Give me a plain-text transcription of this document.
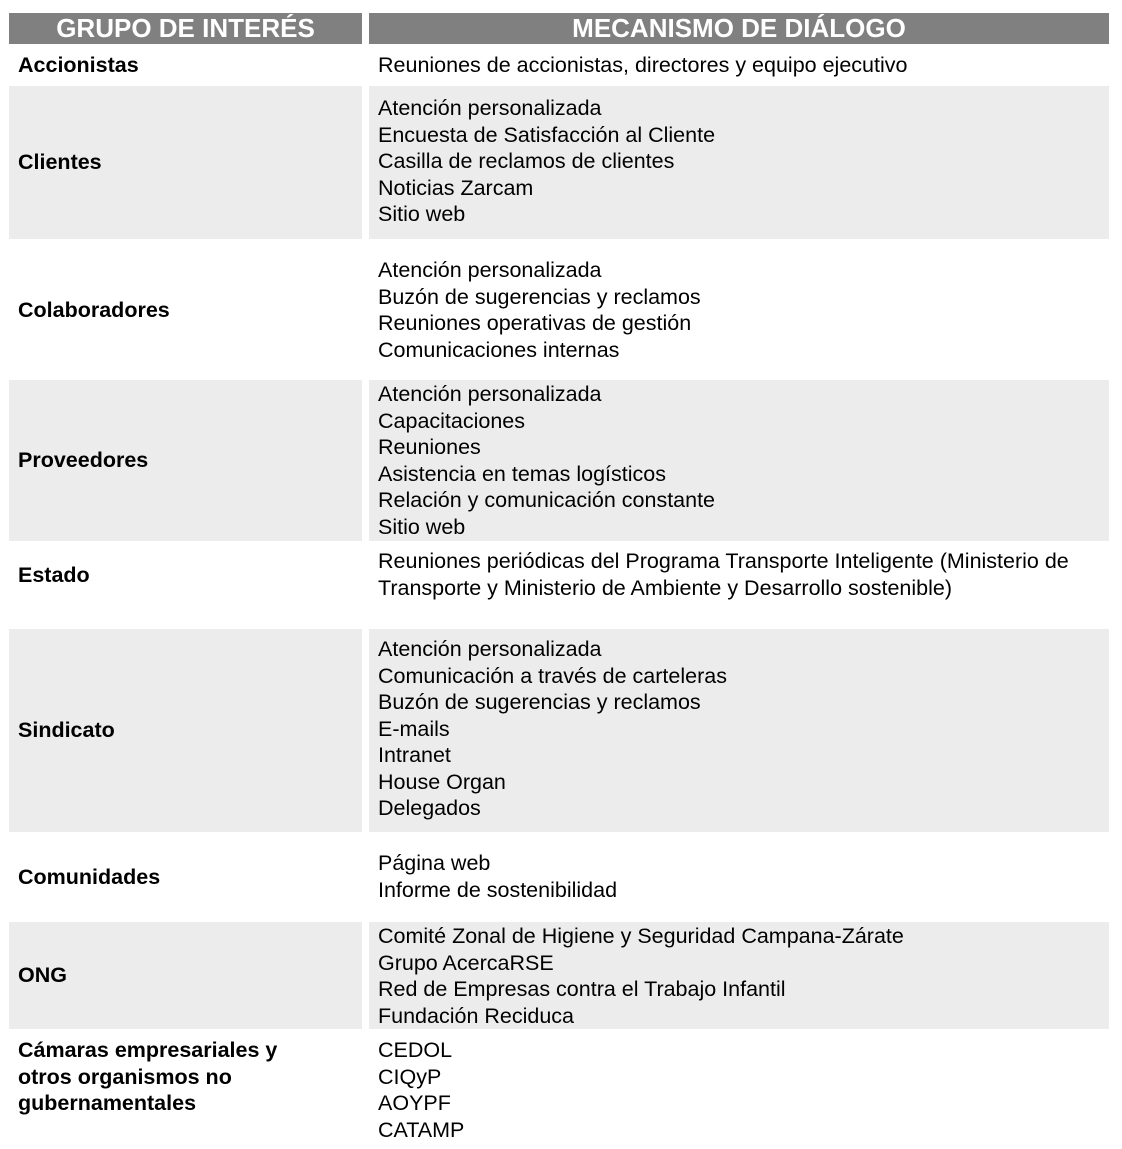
GRUPO DE INTERÉS	MECANISMO DE DIÁLOGO
Accionistas	Reuniones de accionistas, directores y equipo ejecutivo
Clientes
Atención personalizada
Encuesta de Satisfacción al Cliente
Casilla de reclamos de clientes
Noticias Zarcam
Sitio web
Colaboradores
Atención personalizada
Buzón de sugerencias y reclamos
Reuniones operativas de gestión
Comunicaciones internas
Proveedores
Atención personalizada
Capacitaciones
Reuniones
Asistencia en temas logísticos
Relación y comunicación constante
Sitio web
Estado
Reuniones periódicas del Programa Transporte Inteligente (Ministerio de Transporte y Ministerio de Ambiente y Desarrollo sostenible)
Sindicato
Atención personalizada
Comunicación a través de carteleras
Buzón de sugerencias y reclamos
E-mails
Intranet
House Organ
Delegados
Comunidades
Página web
Informe de sostenibilidad
ONG
Comité Zonal de Higiene y Seguridad Campana-Zárate
Grupo AcercaRSE
Red de Empresas contra el Trabajo Infantil
Fundación Reciduca
Cámaras empresariales y otros organismos no gubernamentales
CEDOL
CIQyP
AOYPF
CATAMP
